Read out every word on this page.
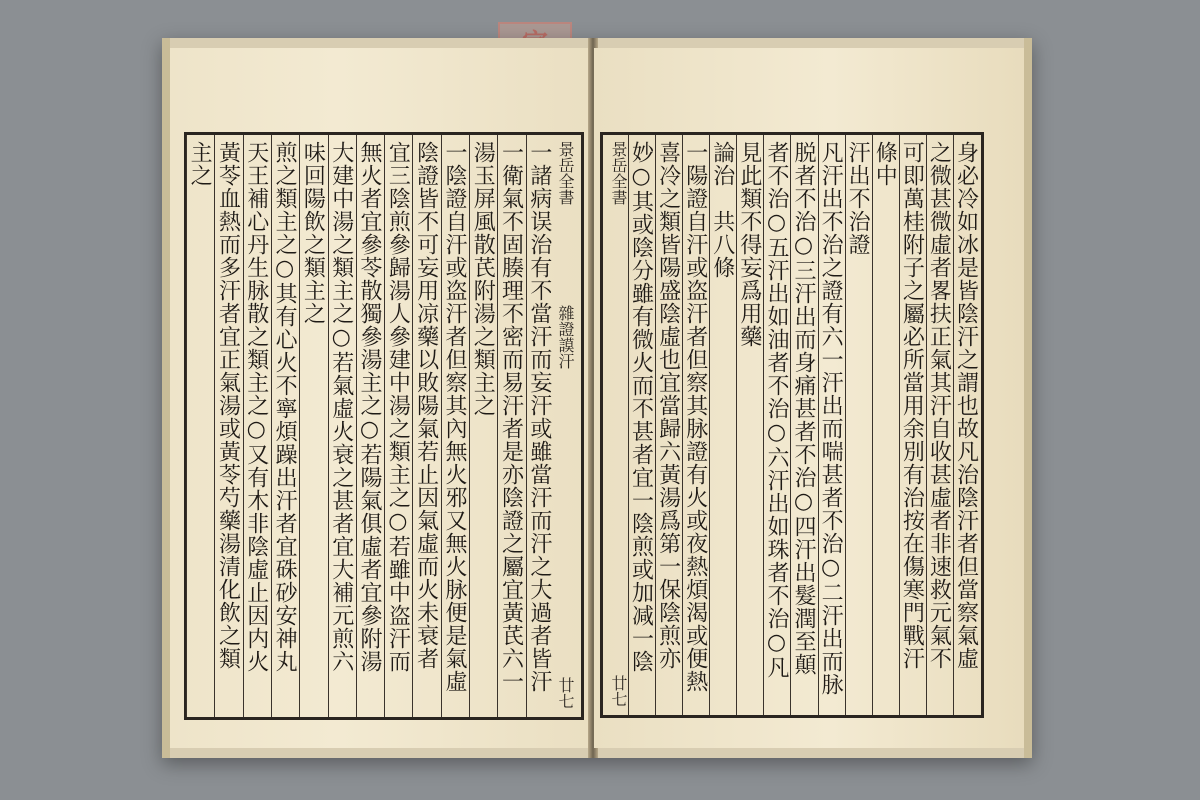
一諸病误治有不當汗而妄汗或雖當汗而汗之大過者皆汗
一衛氣不固腠理不密而易汗者是亦陰證之屬宜黃芪六一
湯玉屏風散芪附湯之類主之
一陰證自汗或盗汗者但察其內無火邪又無火脉便是氣虛
陰證皆不可妄用凉藥以敗陽氣若止因氣虛而火未衰者
宜三陰煎參歸湯人參建中湯之類主之○若雖中盗汗而
無火者宜參苓散獨參湯主之○若陽氣俱虛者宜參附湯
大建中湯之類主之○若氣虛火衰之甚者宜大補元煎六
味回陽飲之類主之
煎之類主之○其有心火不寧煩躁出汗者宜硃砂安神丸
天王補心丹生脉散之類主之○又有木非陰虛止因内火
黃苓血熱而多汗者宜正氣湯或黃苓芍藥湯清化飲之類
主之	景岳全書
雜證謨汗
廿七
身必冷如冰是皆陰汗之謂也故凡治陰汗者但當察氣虛
之微甚微虛者畧扶正氣其汗自收甚虛者非速救元氣不
可即萬桂附子之屬必所當用余別有治按在傷寒門戰汗
條中
汗出不治證
凡汗出不治之證有六一汗出而喘甚者不治○二汗出而脉
脱者不治○三汗出而身痛甚者不治○四汗出髮潤至顛
者不治○五汗出如油者不治○六汗出如珠者不治○凡
見此類不得妄爲用藥
論治　共八條
一陽證自汗或盗汗者但察其脉證有火或夜熱煩渴或便熱
喜冷之類皆陽盛陰虛也宜當歸六黃湯爲第一保陰煎亦
妙○其或陰分雖有微火而不甚者宜一陰煎或加减一陰
景岳全書
廿七
